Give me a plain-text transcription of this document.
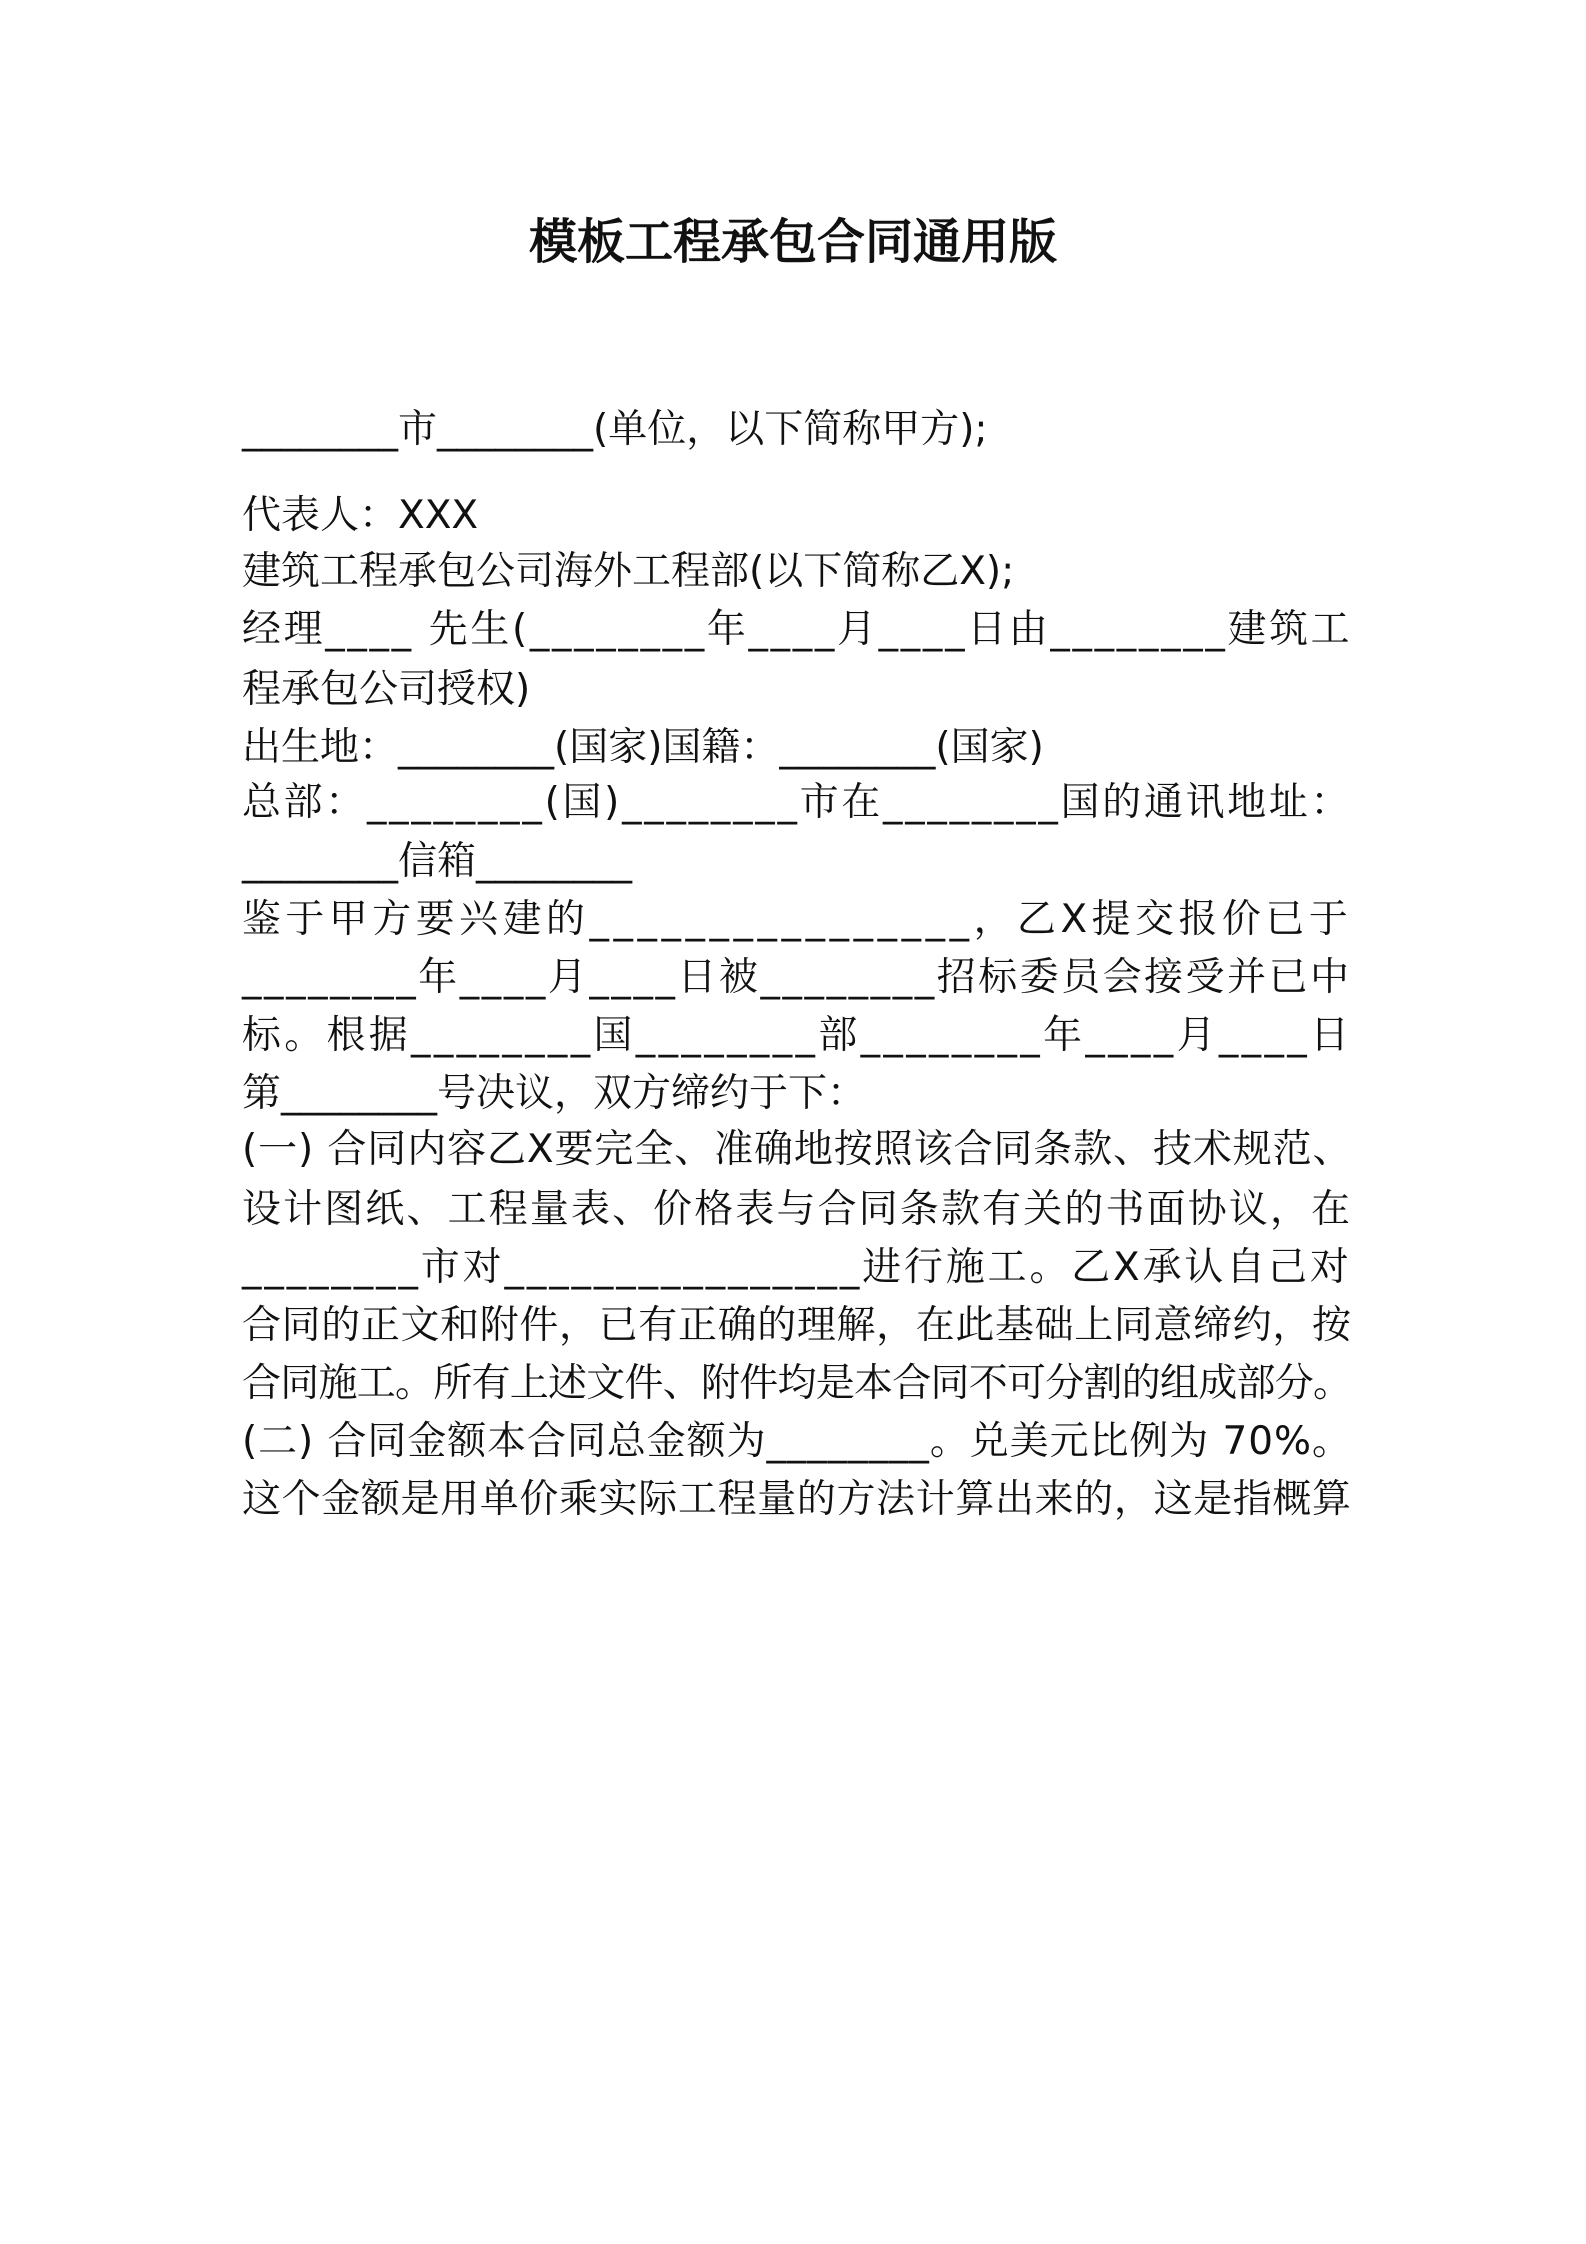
模板工程承包合同通用版
________市________(单位，以下简称甲方);
代表人：XXX
建筑工程承包公司海外工程部(以下简称乙X);
经理____ 先生(________年____月____日由________建筑工
程承包公司授权)
出生地：________(国家)国籍：________(国家)
总部：________(国)________市在________国的通讯地址：
________信箱________
鉴于甲方要兴建的________________，乙X提交报价已于
________年____月____日被________招标委员会接受并已中
标。根据________国________部________年____月____日
第________号决议，双方缔约于下：
(一) 合同内容乙X要完全、准确地按照该合同条款、技术规范、
设计图纸、工程量表、价格表与合同条款有关的书面协议，在
________市对________________进行施工。乙X承认自己对
合同的正文和附件，已有正确的理解，在此基础上同意缔约，按
合同施工。所有上述文件、附件均是本合同不可分割的组成部分。
(二) 合同金额本合同总金额为________。兑美元比例为 70%。
这个金额是用单价乘实际工程量的方法计算出来的，这是指概算
